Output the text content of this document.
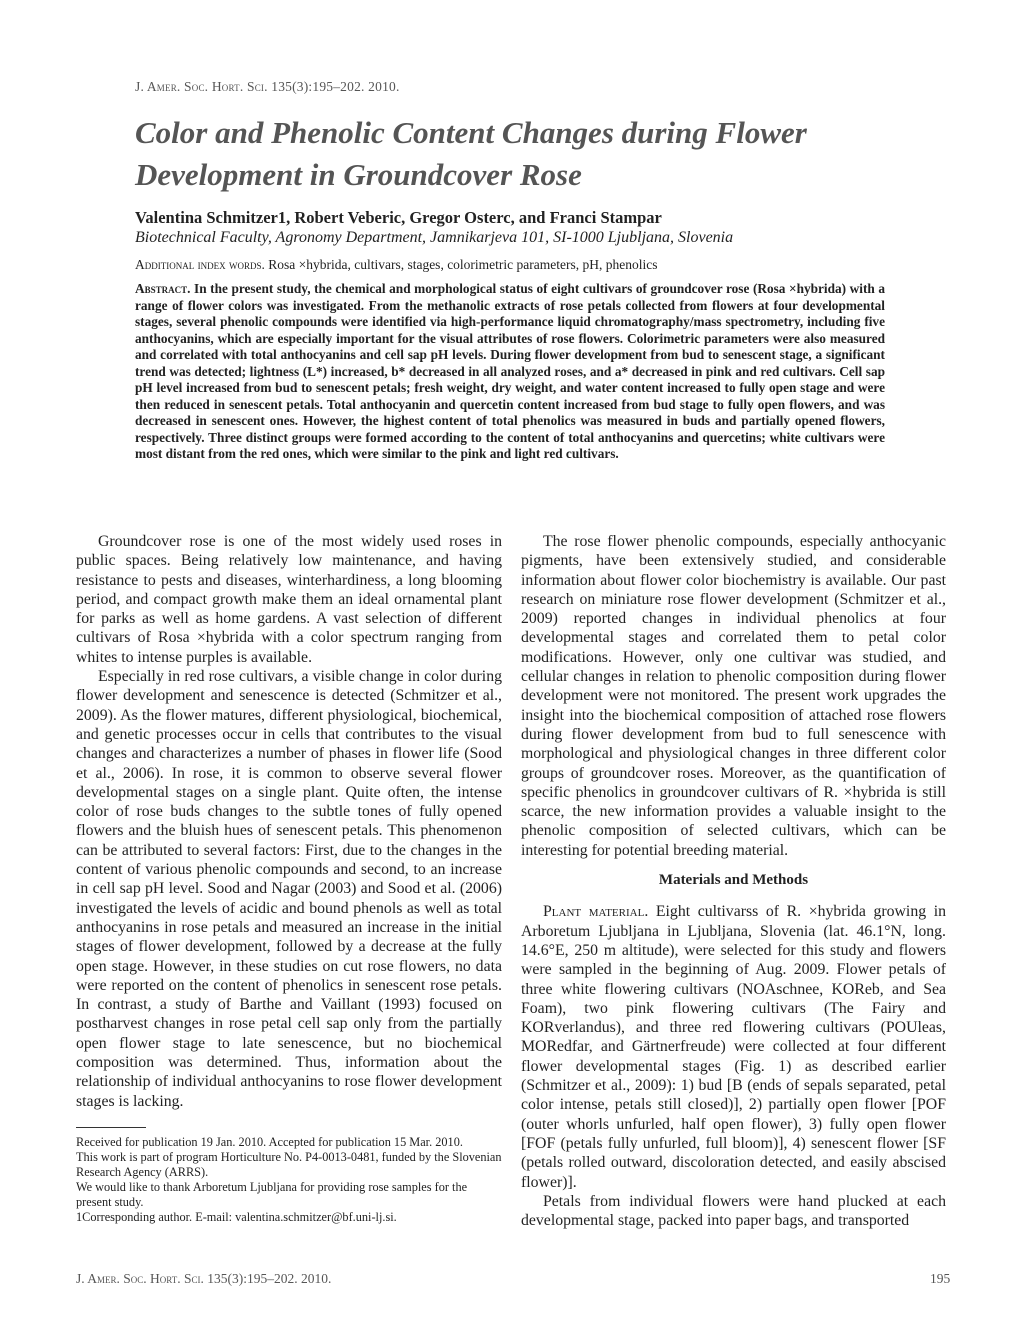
J. Amer. Soc. Hort. Sci. 135(3):195–202. 2010.
Color and Phenolic Content Changes during Flower Development in Groundcover Rose
Valentina Schmitzer1, Robert Veberic, Gregor Osterc, and Franci Stampar
Biotechnical Faculty, Agronomy Department, Jamnikarjeva 101, SI-1000 Ljubljana, Slovenia
Additional index words. Rosa ×hybrida, cultivars, stages, colorimetric parameters, pH, phenolics
Abstract. In the present study, the chemical and morphological status of eight cultivars of groundcover rose (Rosa ×hybrida) with a range of flower colors was investigated. From the methanolic extracts of rose petals collected from flowers at four developmental stages, several phenolic compounds were identified via high-performance liquid chromatography/mass spectrometry, including five anthocyanins, which are especially important for the visual attributes of rose flowers. Colorimetric parameters were also measured and correlated with total anthocyanins and cell sap pH levels. During flower development from bud to senescent stage, a significant trend was detected; lightness (L*) increased, b* decreased in all analyzed roses, and a* decreased in pink and red cultivars. Cell sap pH level increased from bud to senescent petals; fresh weight, dry weight, and water content increased to fully open stage and were then reduced in senescent petals. Total anthocyanin and quercetin content increased from bud stage to fully open flowers, and was decreased in senescent ones. However, the highest content of total phenolics was measured in buds and partially opened flowers, respectively. Three distinct groups were formed according to the content of total anthocyanins and quercetins; white cultivars were most distant from the red ones, which were similar to the pink and light red cultivars.

Groundcover rose is one of the most widely used roses in public spaces. Being relatively low maintenance, and having resistance to pests and diseases, winterhardiness, a long blooming period, and compact growth make them an ideal ornamental plant for parks as well as home gardens. A vast selection of different cultivars of Rosa ×hybrida with a color spectrum ranging from whites to intense purples is available.

Especially in red rose cultivars, a visible change in color during flower development and senescence is detected (Schmitzer et al., 2009). As the flower matures, different physiological, biochemical, and genetic processes occur in cells that contributes to the visual changes and characterizes a number of phases in flower life (Sood et al., 2006). In rose, it is common to observe several flower developmental stages on a single plant. Quite often, the intense color of rose buds changes to the subtle tones of fully opened flowers and the bluish hues of senescent petals. This phenomenon can be attributed to several factors: First, due to the changes in the content of various phenolic compounds and second, to an increase in cell sap pH level. Sood and Nagar (2003) and Sood et al. (2006) investigated the levels of acidic and bound phenols as well as total anthocyanins in rose petals and measured an increase in the initial stages of flower development, followed by a decrease at the fully open stage. However, in these studies on cut rose flowers, no data were reported on the content of phenolics in senescent rose petals. In contrast, a study of Barthe and Vaillant (1993) focused on postharvest changes in rose petal cell sap only from the partially open flower stage to late senescence, but no biochemical composition was determined. Thus, information about the relationship of individual anthocyanins to rose flower development stages is lacking.

Received for publication 19 Jan. 2010. Accepted for publication 15 Mar. 2010.
This work is part of program Horticulture No. P4-0013-0481, funded by the Slovenian Research Agency (ARRS).
We would like to thank Arboretum Ljubljana for providing rose samples for the present study.
1Corresponding author. E-mail: valentina.schmitzer@bf.uni-lj.si.

The rose flower phenolic compounds, especially anthocyanic pigments, have been extensively studied, and considerable information about flower color biochemistry is available. Our past research on miniature rose flower development (Schmitzer et al., 2009) reported changes in individual phenolics at four developmental stages and correlated them to petal color modifications. However, only one cultivar was studied, and cellular changes in relation to phenolic composition during flower development were not monitored. The present work upgrades the insight into the biochemical composition of attached rose flowers during flower development from bud to full senescence with morphological and physiological changes in three different color groups of groundcover roses. Moreover, as the quantification of specific phenolics in groundcover cultivars of R. ×hybrida is still scarce, the new information provides a valuable insight to the phenolic composition of selected cultivars, which can be interesting for potential breeding material.

Materials and Methods

Plant material. Eight cultivarss of R. ×hybrida growing in Arboretum Ljubljana in Ljubljana, Slovenia (lat. 46.1°N, long. 14.6°E, 250 m altitude), were selected for this study and flowers were sampled in the beginning of Aug. 2009. Flower petals of three white flowering cultivars (NOAschnee, KOReb, and Sea Foam), two pink flowering cultivars (The Fairy and KORverlandus), and three red flowering cultivars (POUleas, MORedfar, and Gärtnerfreude) were collected at four different flower developmental stages (Fig. 1) as described earlier (Schmitzer et al., 2009): 1) bud [B (ends of sepals separated, petal color intense, petals still closed)], 2) partially open flower [POF (outer whorls unfurled, half open flower), 3) fully open flower [FOF (petals fully unfurled, full bloom)], 4) senescent flower [SF (petals rolled outward, discoloration detected, and easily abscised flower)].

Petals from individual flowers were hand plucked at each developmental stage, packed into paper bags, and transported

J. Amer. Soc. Hort. Sci. 135(3):195–202. 2010.	195
